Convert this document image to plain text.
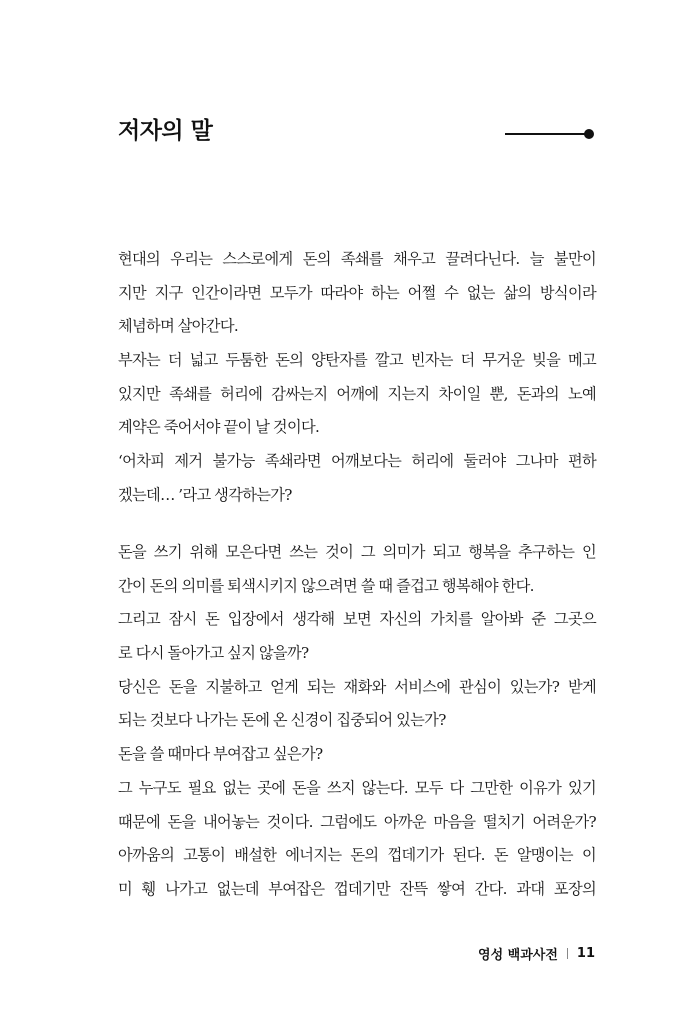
저자의 말
현대의 우리는 스스로에게 돈의 족쇄를 채우고 끌려다닌다. 늘 불만이
지만 지구 인간이라면 모두가 따라야 하는 어쩔 수 없는 삶의 방식이라
체념하며 살아간다.
부자는 더 넓고 두툼한 돈의 양탄자를 깔고 빈자는 더 무거운 빚을 메고
있지만 족쇄를 허리에 감싸는지 어깨에 지는지 차이일 뿐, 돈과의 노예
계약은 죽어서야 끝이 날 것이다.
‘어차피 제거 불가능 족쇄라면 어깨보다는 허리에 둘러야 그나마 편하
겠는데… ’라고 생각하는가?
돈을 쓰기 위해 모은다면 쓰는 것이 그 의미가 되고 행복을 추구하는 인
간이 돈의 의미를 퇴색시키지 않으려면 쓸 때 즐겁고 행복해야 한다.
그리고 잠시 돈 입장에서 생각해 보면 자신의 가치를 알아봐 준 그곳으
로 다시 돌아가고 싶지 않을까?
당신은 돈을 지불하고 얻게 되는 재화와 서비스에 관심이 있는가? 받게
되는 것보다 나가는 돈에 온 신경이 집중되어 있는가?
돈을 쓸 때마다 부여잡고 싶은가?
그 누구도 필요 없는 곳에 돈을 쓰지 않는다. 모두 다 그만한 이유가 있기
때문에 돈을 내어놓는 것이다. 그럼에도 아까운 마음을 떨치기 어려운가?
아까움의 고통이 배설한 에너지는 돈의 껍데기가 된다. 돈 알맹이는 이
미 휑 나가고 없는데 부여잡은 껍데기만 잔뜩 쌓여 간다. 과대 포장의
영성 백과사전 11
